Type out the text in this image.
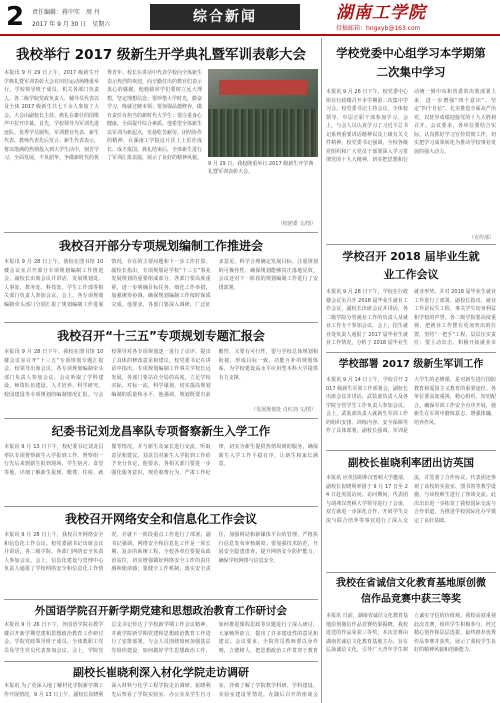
2 责任编辑：蒋中实　周 丹
2017 年 9 月 30 日　星期六	综合新闻	湖南工学院
投稿邮箱：hngxyb@163.com
我校举行 2017 级新生开学典礼暨军训表彰大会
本报讯 9 月 29 日上午，2017 级新生开学典礼暨军训表彰大会在田径运动场隆重举行。学校领导班子成员、机关各部门负责人、各二级学院党政负责人、辅导员代表以及全体 2017 级新生共七千余人参加了大会。大会由副校长主持。典礼在雄壮的国歌声中拉开序幕。首先，学校领导为军训先进连队、优秀学员颁奖，军训教官代表、新生代表、教师代表先后发言。新生代表表示，将以饱满的热情投入到大学生活中，刻苦学习，全面发展，不负韶华，争做新时代的优秀青年。校长在讲话中代表学校向全体新生表示热烈的欢迎，向辛勤付出的教官们表示衷心的感谢。他勉励同学们要树立远大理想，坚定理想信念；要珍惜大学时光，勤奋学习，练就过硬本领；要加强品德修养，做有责任有担当的新时代大学生；要注重身心健康，全面提升综合素质。他希望全体新生以军训为新起点，发扬吃苦耐劳、团结协作的精神，在湖南工学院这片沃土上茁壮成长、成才报国。典礼结束后，全体新生进行了军训汇报表演，展示了良好的精神风貌。
9 月 29 日，我校隆重举行 2017 级新生开学典礼暨军训表彰大会。
（校团委 文/图）
我校召开部分专项规划编制工作推进会
本报讯 9 月 28 日上午，我校在图书馆 10 楼会议室召开部分专项规划编制工作推进会。副校长出席会议并讲话，发展规划处、人事处、教务处、科技处、学生工作部等相关部门负责人参加会议。会上，各专项规划编制牵头部门分别汇报了规划编制工作进展情况、存在的主要问题和下一步工作打算。副校长指出，专项规划是学校“十三五”事业发展规划的重要组成部分，各部门要高度重视，进一步明确目标任务，细化工作举措，加强统筹协调，确保规划编制工作按时保质完成。他要求，各部门要深入调研，广泛征求意见，科学合理确定发展目标，注重规划的可操作性，确保规划能够真正落地见效。会议还对下一阶段的规划编制工作进行了安排部署。
我校召开“十三五”专项规划专题汇报会
本报讯 9 月 28 日下午，我校在图书馆 10 楼会议室召开“十三五”专项规划专题汇报会。校领导出席会议，各专项规划编制牵头部门负责人参加会议。会议听取了学科建设、师资队伍建设、人才培养、科学研究、校园建设等专项规划的编制情况汇报。与会校领导对各专项规划逐一进行了点评，提出了具体的修改意见和建议。校党委书记在讲话中指出，专项规划编制工作事关学校长远发展，各部门要站在全局的高度，立足学校实际，对标一流，科学谋划，切实提高规划编制的质量和水平。他强调，规划既要有前瞻性，又要有可行性，要与学校总体规划相衔接，形成目标一致、功能互补的规划体系，为学校建设高水平应用型本科大学提供有力支撑。
（发展规划处 肖红剑 文/图）
纪委书记刘龙昌率队专项督察新生入学工作
本报讯 9 月 13 日下午，校纪委书记刘龙昌率队专项督察新生入学报到工作。督察组一行先后来到新生报到现场、学生宿舍、食堂等地，详细了解新生报到、缴费、住宿、就餐等情况，并与新生及家长进行交流，听取意见和建议。刘龙昌对新生入学报到工作给予充分肯定，他要求，各相关部门要进一步强化服务意识，规范收费行为，严肃工作纪律，切实为新生提供热情周到的服务，确保新生入学工作平稳有序，让新生和家长满意。
我校召开网络安全和信息化工作会议
本报讯 9 月 28 日上午，我校召开网络安全和信息化工作会议。校党委副书记出席会议并讲话，各二级学院、各部门网络安全负责人参加会议。会上，信息化建设与管理中心负责人通报了学校网络安全和信息化工作情况，并就下一阶段重点工作进行了部署。副书记强调，网络安全和信息化工作是一项长期、复杂的系统工程，全校各单位要提高政治站位，切实增强做好网络安全工作的责任感和使命感；要健全工作机制，落实安全责任，加强网站和新媒体平台的管理，严格执行信息发布审核制度；要加强技术防范，开展安全隐患排查，提升网络安全防护能力，确保学校网络与信息安全。
外国语学院召开新学期党建和思想政治教育工作研讨会
本报讯 9 月 26 日下午，外国语学院在教学楼召开新学期党建和思想政治教育工作研讨会，学院党政领导班子成员、全体教职工党员及学生党员代表参加会议。会上，学院党总支书记传达了学校新学期工作会议精神，并就学院新学期党建和思想政治教育工作进行了安排部署。与会人员围绕如何加强基层党组织建设、如何做好学生思想政治工作、如何推进课程思政等议题进行了深入研讨，大家畅所欲言，提出了许多建设性的意见和建议。会议要求，全院党员教师要以身作则，立德树人，把思想政治工作贯穿于教育
副校长崔晓利深入材化学院走访调研
本报讯 为了更深入地了解材化学院新学期工作开展情况，9 月 13 日上午，副校长崔晓利深入材料与化学工程学院走访调研。崔晓利先后察看了学院实验室、办公室及学生自习室，详细了解了学院教学科研、学科建设、实验室建设等情况。在随后召开的座谈会
学校党委中心组学习本学期第二次集中学习
本报讯 9 月 26 日下午，校党委中心组在行政楼召开本学期第二次集中学习会。校党委书记主持会议，全体校领导、中层正职干部参加学习。会上，与会人员认真学习了习近平总书记系列重要讲话精神以及上级有关文件精神。校党委书记强调，全校各级党组织和广大党员干部要深入学习贯彻党的十九大精神，切实把思想和行动统一到中央和省委的决策部署上来，进一步增强“四个意识”，坚定“四个自信”，扎实推进全面从严治党，以优异成绩迎接党的十九大胜利召开。会议要求，各单位要结合实际，认真抓好学习宣传贯彻工作，切实把学习成果转化为推动学校事业发展的强大动力。
（宣传部）
学校召开 2018 届毕业生就业工作会议
本报讯 9 月 28 日下午，学校在行政楼会议室召开 2018 届毕业生就业工作会议，副校长出席会议并讲话，各二级学院分管就业工作的负责人及就业工作专干参加会议。会上，招生就业处负责人通报了 2017 届毕业生就业工作情况，分析了 2018 届毕业生就业形势，并对 2018 届毕业生就业工作进行了部署。副校长指出，就业工作是民生工程，事关学生切身利益和学校的声誉。各二级学院要高度重视，把就业工作摆在更加突出的位置，坚持“一把手”工程，层层压实责任；要主动出击，积极开拓就业市
学校部署 2017 级新生军训工作
本报讯 9 月 14 日上午，学校召开 2017 级新生军训工作部署会，副校长出席会议并讲话，武装部负责人及各学院分管学生工作负责人参加会议。会上，武装部负责人就新生军训工作的组织安排、训练内容、安全保障等作了具体部署。副校长强调，军训是大学生的必修课，是对新生进行国防教育和爱国主义教育的重要途径。各单位要高度重视，精心组织，密切配合，确保军训工作安全有序开展，使新生在军训中磨炼意志、增强体魄、培养作风。
副校长崔晓利率团出访英国
本报讯 应英国胡弗汉普顿大学邀请，副校长崔晓利率团于 9 月 17 日至 24 日赴英国访问。访问期间，代表团与胡弗汉普顿大学领导进行了会谈，双方就进一步深化合作、开展学生交流与联合培养等事宜进行了深入交流，并签署了合作协议。代表团还参观了该校的实验室、图书馆等教学设施，与该校师生进行了座谈交流。此次出访进一步拓宽了我校国际交流与合作渠道，为推进学校国际化办学奠定了良好基础。
我校在省诚信文化教育基地原创微信作品竞赛中获三等奖
本报讯 日前，湖南省诚信文化教育基地原创微信作品竞赛结果揭晓，我校选送的作品荣获三等奖。本次竞赛由湖南省诚信文化教育基地主办，旨在弘扬诚信文化，引导广大青年学生树立诚实守信的价值观。我校高度重视此次竞赛，组织学生积极参与，经过精心创作和层层选拔，最终推荐优秀作品参赛并获奖，展示了我校学生良好的精神风貌和创新能力。
